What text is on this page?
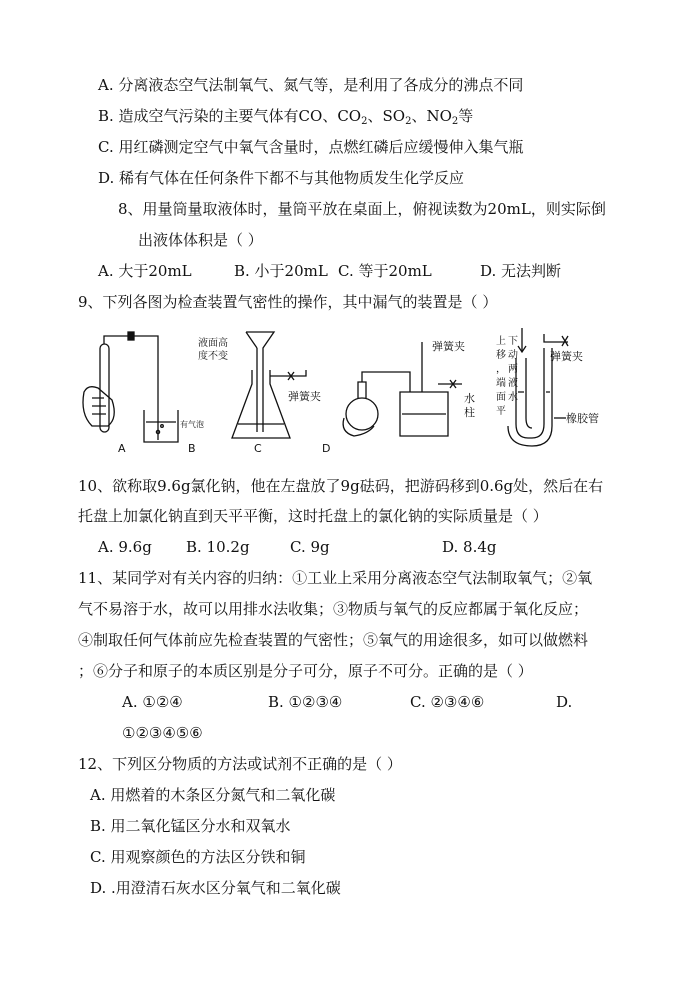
A. 分离液态空气法制氧气、氮气等，是利用了各成分的沸点不同
B. 造成空气污染的主要气体有CO、$CO_2$、$SO_2$、$NO_2$等
C. 用红磷测定空气中氧气含量时，点燃红磷后应缓慢伸入集气瓶
D. 稀有气体在任何条件下都不与其他物质发生化学反应
8、用量筒量取液体时，量筒平放在桌面上，俯视读数为20mL，则实际倒
出液体体积是（ ）
A. 大于20mL	B. 小于20mL C. 等于20mL	D. 无法判断
9、下列各图为检查装置气密性的操作，其中漏气的装置是（ ）
A
有气泡
B
液面高
度不变
弹簧夹
C
弹簧夹
水
柱
D
上 下
移 动
， 两
端 液
面 水
平
弹簧夹
橡胶管
10、欲称取9.6g氯化钠，他在左盘放了9g砝码，把游码移到0.6g处，然后在右
托盘上加氯化钠直到天平平衡，这时托盘上的氯化钠的实际质量是（ ）
A. 9.6g B. 10.2g	C. 9g	D. 8.4g
11、某同学对有关内容的归纳：①工业上采用分离液态空气法制取氧气；②氧
气不易溶于水，故可以用排水法收集；③物质与氧气的反应都属于氧化反应；
④制取任何气体前应先检查装置的气密性；⑤氧气的用途很多，如可以做燃料
；⑥分子和原子的本质区别是分子可分，原子不可分。正确的是（ ）
A. ①②④	B. ①②③④	C. ②③④⑥	D.
①②③④⑤⑥
12、下列区分物质的方法或试剂不正确的是（ ）
A. 用燃着的木条区分氮气和二氧化碳
B. 用二氧化锰区分水和双氧水
C. 用观察颜色的方法区分铁和铜
D. .用澄清石灰水区分氧气和二氧化碳
